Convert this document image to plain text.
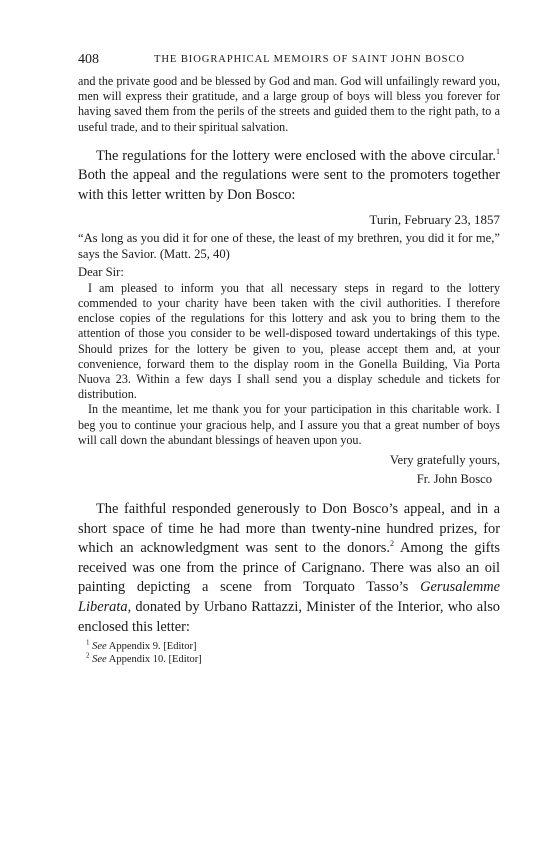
408	THE BIOGRAPHICAL MEMOIRS OF SAINT JOHN BOSCO

and the private good and be blessed by God and man. God will unfailingly reward you, men will express their gratitude, and a large group of boys will bless you forever for having saved them from the perils of the streets and guided them to the right path, to a useful trade, and to their spiritual salvation.

The regulations for the lottery were enclosed with the above circular.$^1$ Both the appeal and the regulations were sent to the promoters together with this letter written by Don Bosco:

Turin, February 23, 1857

“As long as you did it for one of these, the least of my brethren, you did it for me,” says the Savior. (Matt. 25, 40)

Dear Sir:

I am pleased to inform you that all necessary steps in regard to the lottery commended to your charity have been taken with the civil authorities. I therefore enclose copies of the regulations for this lottery and ask you to bring them to the attention of those you consider to be well-disposed toward undertakings of this type. Should prizes for the lottery be given to you, please accept them and, at your convenience, forward them to the display room in the Gonella Building, Via Porta Nuova 23. Within a few days I shall send you a display schedule and tickets for distribution.

In the meantime, let me thank you for your participation in this charitable work. I beg you to continue your gracious help, and I assure you that a great number of boys will call down the abundant blessings of heaven upon you.

Very gratefully yours,

Fr. John Bosco

The faithful responded generously to Don Bosco’s appeal, and in a short space of time he had more than twenty-nine hundred prizes, for which an acknowledgment was sent to the donors.$^2$ Among the gifts received was one from the prince of Carignano. There was also an oil painting depicting a scene from Torquato Tasso’s Gerusalemme Liberata, donated by Urbano Rattazzi, Minister of the Interior, who also enclosed this letter:

$^1$ See Appendix 9. [Editor]

$^2$ See Appendix 10. [Editor]
